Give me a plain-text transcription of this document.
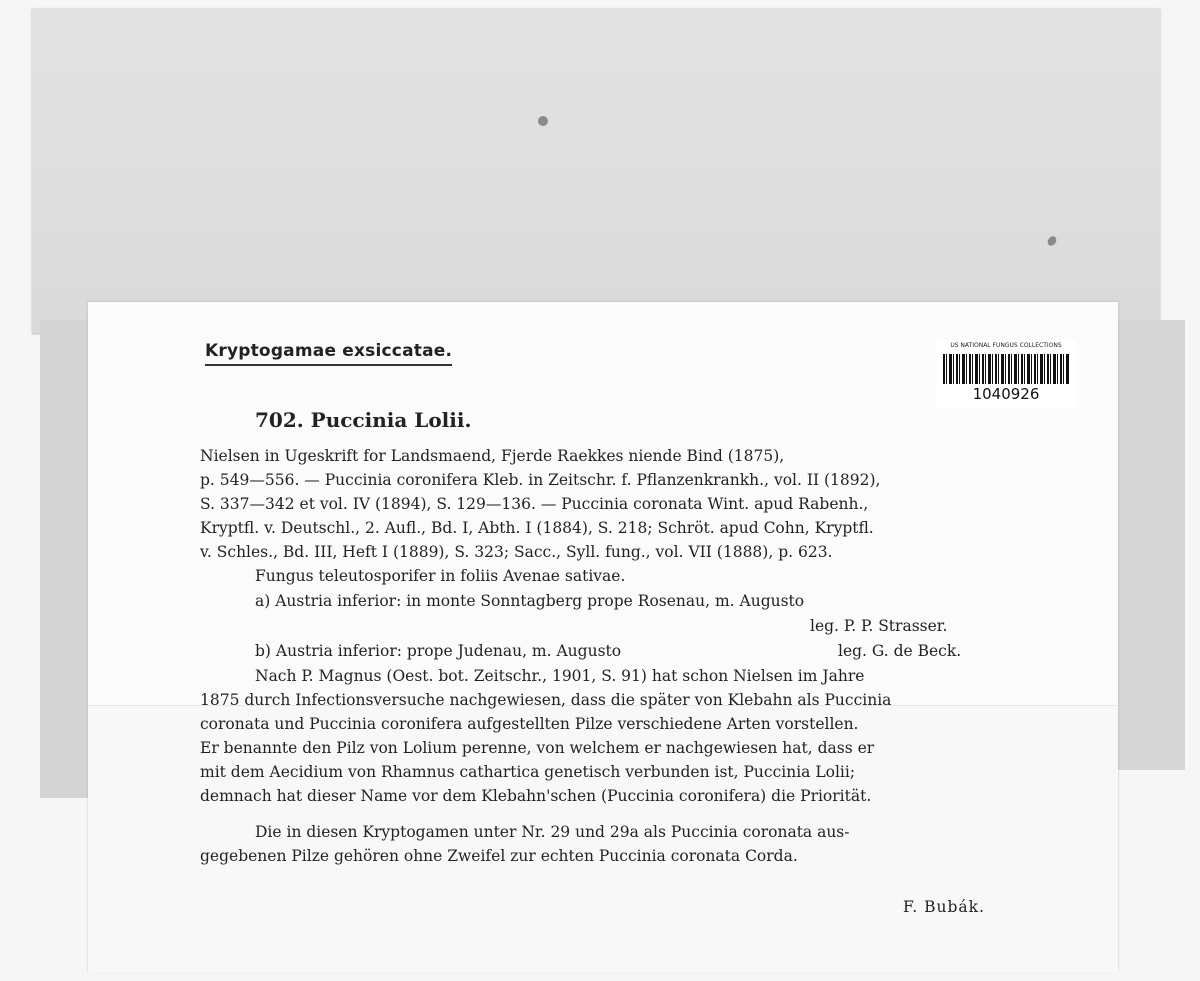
Kryptogamae exsiccatae.	US NATIONAL FUNGUS COLLECTIONS
1040926
702. Puccinia Lolii.
Nielsen in Ugeskrift for Landsmaend, Fjerde Raekkes niende Bind (1875),
p. 549—556. — Puccinia coronifera Kleb. in Zeitschr. f. Pflanzenkrankh., vol. II (1892),
S. 337—342 et vol. IV (1894), S. 129—136. — Puccinia coronata Wint. apud Rabenh.,
Kryptfl. v. Deutschl., 2. Aufl., Bd. I, Abth. I (1884), S. 218; Schröt. apud Cohn, Kryptfl.
v. Schles., Bd. III, Heft I (1889), S. 323; Sacc., Syll. fung., vol. VII (1888), p. 623.
Fungus teleutosporifer in foliis Avenae sativae.
a) Austria inferior: in monte Sonntagberg prope Rosenau, m. Augusto
leg. P. P. Strasser.
b) Austria inferior: prope Judenau, m. Augusto	leg. G. de Beck.
Nach P. Magnus (Oest. bot. Zeitschr., 1901, S. 91) hat schon Nielsen im Jahre
1875 durch Infectionsversuche nachgewiesen, dass die später von Klebahn als Puccinia
coronata und Puccinia coronifera aufgestellten Pilze verschiedene Arten vorstellen.
Er benannte den Pilz von Lolium perenne, von welchem er nachgewiesen hat, dass er
mit dem Aecidium von Rhamnus cathartica genetisch verbunden ist, Puccinia Lolii;
demnach hat dieser Name vor dem Klebahn'schen (Puccinia coronifera) die Priorität.
Die in diesen Kryptogamen unter Nr. 29 und 29a als Puccinia coronata aus-
gegebenen Pilze gehören ohne Zweifel zur echten Puccinia coronata Corda.
F. Bubák.
